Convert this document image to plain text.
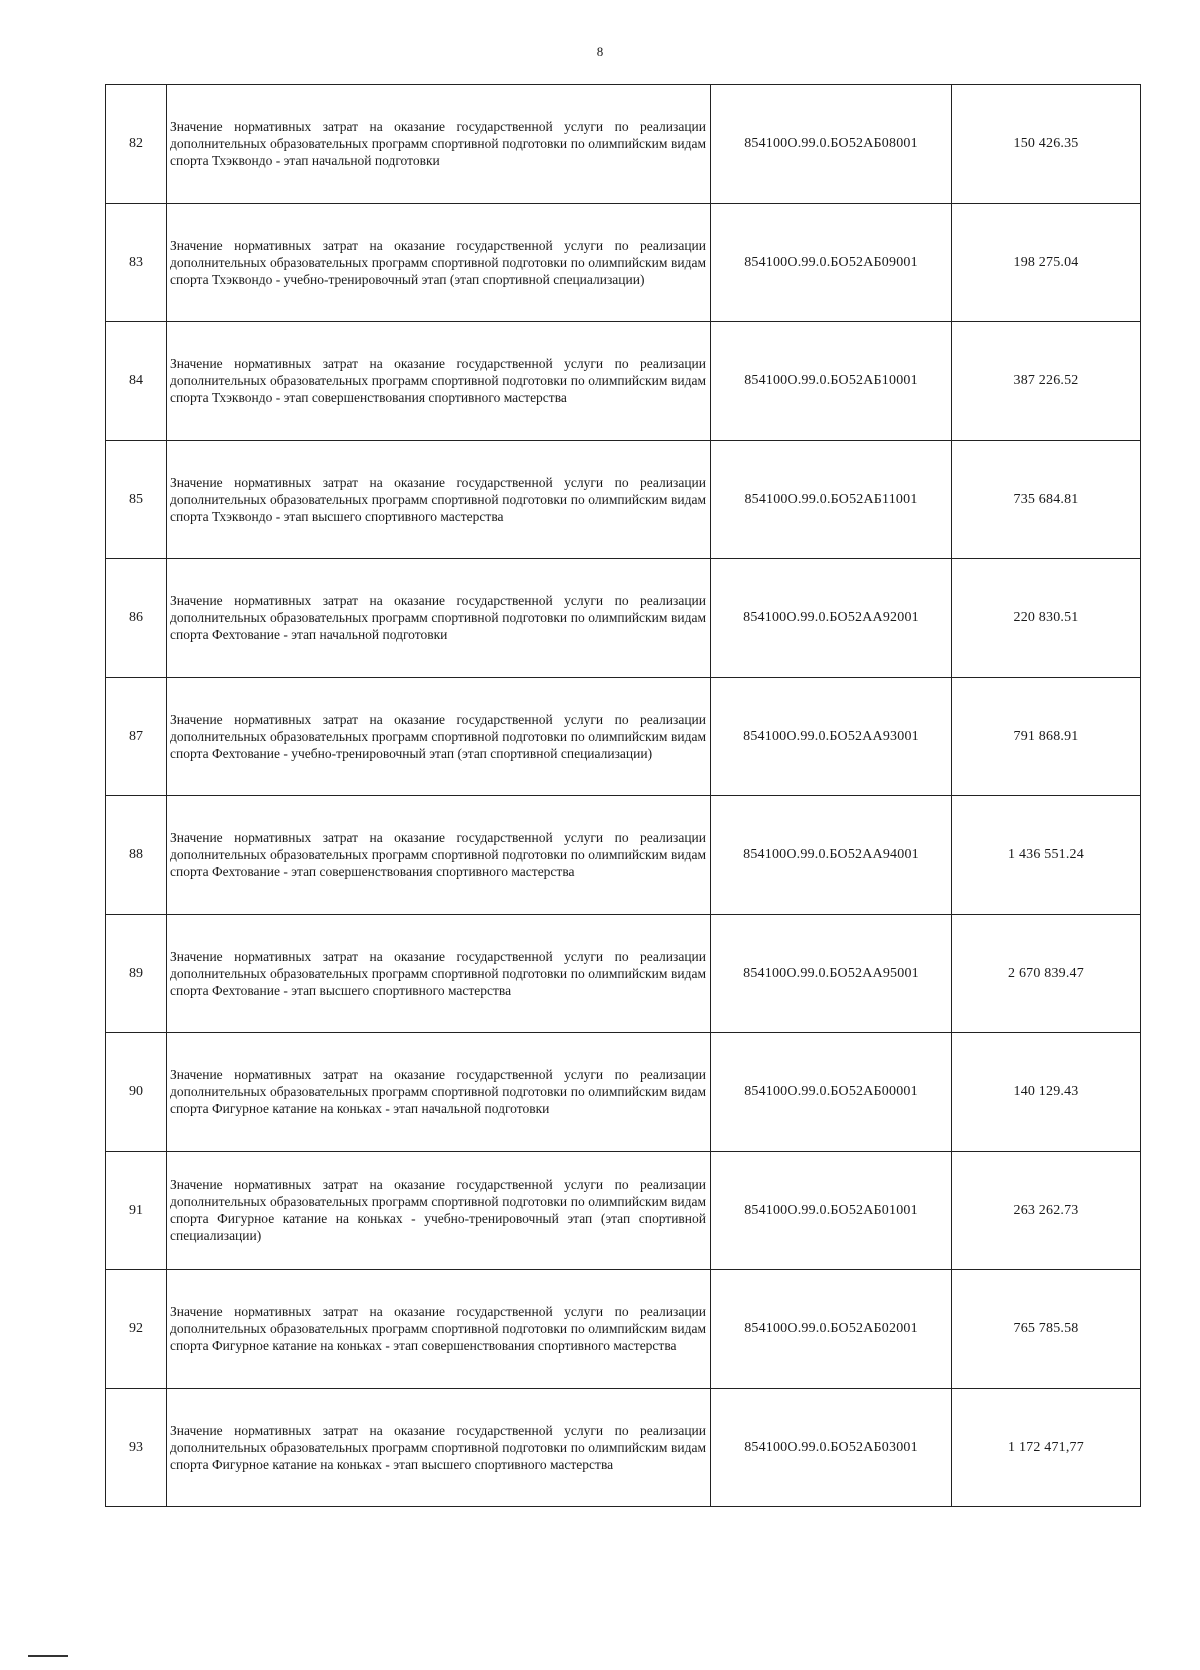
8
82	Значение нормативных затрат на оказание государственной услуги по реализации дополнительных образовательных программ спортивной подготовки по олимпийским видам спорта Тхэквондо - этап начальной подготовки	854100О.99.0.БО52АБ08001	150 426.35
83	Значение нормативных затрат на оказание государственной услуги по реализации дополнительных образовательных программ спортивной подготовки по олимпийским видам спорта Тхэквондо - учебно-тренировочный этап (этап спортивной специализации)	854100О.99.0.БО52АБ09001	198 275.04
84	Значение нормативных затрат на оказание государственной услуги по реализации дополнительных образовательных программ спортивной подготовки по олимпийским видам спорта Тхэквондо - этап совершенствования спортивного мастерства	854100О.99.0.БО52АБ10001	387 226.52
85	Значение нормативных затрат на оказание государственной услуги по реализации дополнительных образовательных программ спортивной подготовки по олимпийским видам спорта Тхэквондо - этап высшего спортивного мастерства	854100О.99.0.БО52АБ11001	735 684.81
86	Значение нормативных затрат на оказание государственной услуги по реализации дополнительных образовательных программ спортивной подготовки по олимпийским видам спорта Фехтование - этап начальной подготовки	854100О.99.0.БО52АА92001	220 830.51
87	Значение нормативных затрат на оказание государственной услуги по реализации дополнительных образовательных программ спортивной подготовки по олимпийским видам спорта Фехтование - учебно-тренировочный этап (этап спортивной специализации)	854100О.99.0.БО52АА93001	791 868.91
88	Значение нормативных затрат на оказание государственной услуги по реализации дополнительных образовательных программ спортивной подготовки по олимпийским видам спорта Фехтование - этап совершенствования спортивного мастерства	854100О.99.0.БО52АА94001	1 436 551.24
89	Значение нормативных затрат на оказание государственной услуги по реализации дополнительных образовательных программ спортивной подготовки по олимпийским видам спорта Фехтование - этап высшего спортивного мастерства	854100О.99.0.БО52АА95001	2 670 839.47
90	Значение нормативных затрат на оказание государственной услуги по реализации дополнительных образовательных программ спортивной подготовки по олимпийским видам спорта Фигурное катание на коньках - этап начальной подготовки	854100О.99.0.БО52АБ00001	140 129.43
91	Значение нормативных затрат на оказание государственной услуги по реализации дополнительных образовательных программ спортивной подготовки по олимпийским видам спорта Фигурное катание на коньках - учебно-тренировочный этап (этап спортивной специализации)	854100О.99.0.БО52АБ01001	263 262.73
92	Значение нормативных затрат на оказание государственной услуги по реализации дополнительных образовательных программ спортивной подготовки по олимпийским видам спорта Фигурное катание на коньках - этап совершенствования спортивного мастерства	854100О.99.0.БО52АБ02001	765 785.58
93	Значение нормативных затрат на оказание государственной услуги по реализации дополнительных образовательных программ спортивной подготовки по олимпийским видам спорта Фигурное катание на коньках - этап высшего спортивного мастерства	854100О.99.0.БО52АБ03001	1 172 471,77
